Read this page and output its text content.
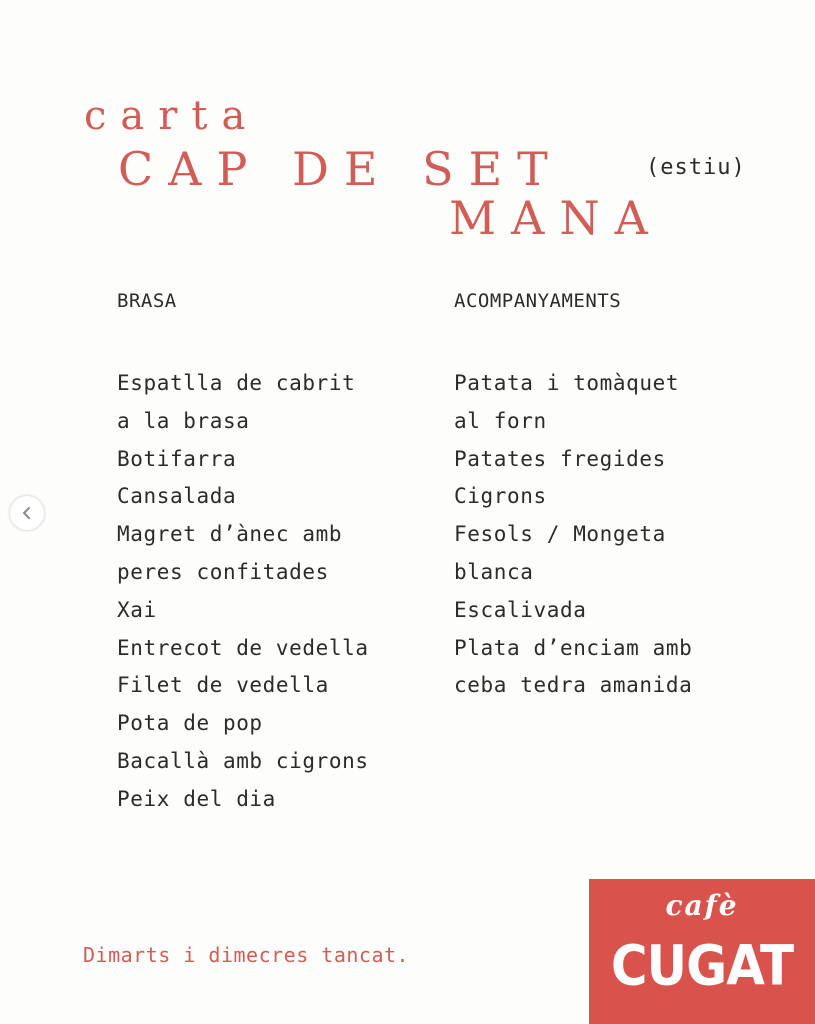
carta
CAP DE SET
MANA
(estiu)
BRASA
Espatlla de cabrit
a la brasa
Botifarra
Cansalada
Magret d’ànec amb
peres confitades
Xai
Entrecot de vedella
Filet de vedella
Pota de pop
Bacallà amb cigrons
Peix del dia
ACOMPANYAMENTS
Patata i tomàquet
al forn
Patates fregides
Cigrons
Fesols / Mongeta
blanca
Escalivada
Plata d’enciam amb
ceba tedra amanida
Dimarts i dimecres tancat.
cafè
CUGAT
